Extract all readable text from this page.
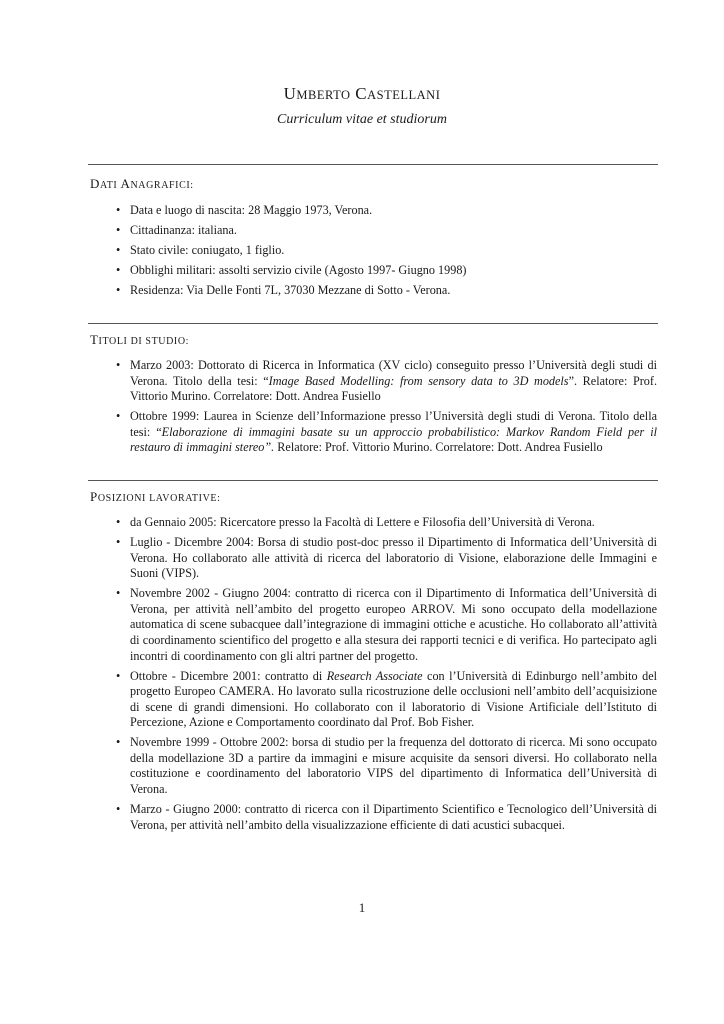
UMBERTO CASTELLANI
Curriculum vitae et studiorum
DATI ANAGRAFICI:
• Data e luogo di nascita: 28 Maggio 1973, Verona.
• Cittadinanza: italiana.
• Stato civile: coniugato, 1 figlio.
• Obblighi militari: assolti servizio civile (Agosto 1997- Giugno 1998)
• Residenza: Via Delle Fonti 7L, 37030 Mezzane di Sotto - Verona.
TITOLI DI STUDIO:
• Marzo 2003: Dottorato di Ricerca in Informatica (XV ciclo) conseguito presso l’Università degli studi di Verona. Titolo della tesi: “Image Based Modelling: from sensory data to 3D models”. Relatore: Prof. Vittorio Murino. Correlatore: Dott. Andrea Fusiello
• Ottobre 1999: Laurea in Scienze dell’Informazione presso l’Università degli studi di Verona. Titolo della tesi: “Elaborazione di immagini basate su un approccio probabilistico: Markov Random Field per il restauro di immagini stereo”. Relatore: Prof. Vittorio Murino. Correlatore: Dott. Andrea Fusiello
POSIZIONI LAVORATIVE:
• da Gennaio 2005: Ricercatore presso la Facoltà di Lettere e Filosofia dell’Università di Verona.
• Luglio - Dicembre 2004: Borsa di studio post-doc presso il Dipartimento di Informatica dell’Università di Verona. Ho collaborato alle attività di ricerca del laboratorio di Visione, elaborazione delle Immagini e Suoni (VIPS).
• Novembre 2002 - Giugno 2004: contratto di ricerca con il Dipartimento di Informatica dell’Università di Verona, per attività nell’ambito del progetto europeo ARROV. Mi sono occupato della modellazione automatica di scene subacquee dall’integrazione di immagini ottiche e acustiche. Ho collaborato all’attività di coordinamento scientifico del progetto e alla stesura dei rapporti tecnici e di verifica. Ho partecipato agli incontri di coordinamento con gli altri partner del progetto.
• Ottobre - Dicembre 2001: contratto di Research Associate con l’Università di Edinburgo nell’ambito del progetto Europeo CAMERA. Ho lavorato sulla ricostruzione delle occlusioni nell’ambito dell’acquisizione di scene di grandi dimensioni. Ho collaborato con il laboratorio di Visione Artificiale dell’Istituto di Percezione, Azione e Comportamento coordinato dal Prof. Bob Fisher.
• Novembre 1999 - Ottobre 2002: borsa di studio per la frequenza del dottorato di ricerca. Mi sono occupato della modellazione 3D a partire da immagini e misure acquisite da sensori diversi. Ho collaborato nella costituzione e coordinamento del laboratorio VIPS del dipartimento di Informatica dell’Università di Verona.
• Marzo - Giugno 2000: contratto di ricerca con il Dipartimento Scientifico e Tecnologico dell’Università di Verona, per attività nell’ambito della visualizzazione efficiente di dati acustici subacquei.
1
